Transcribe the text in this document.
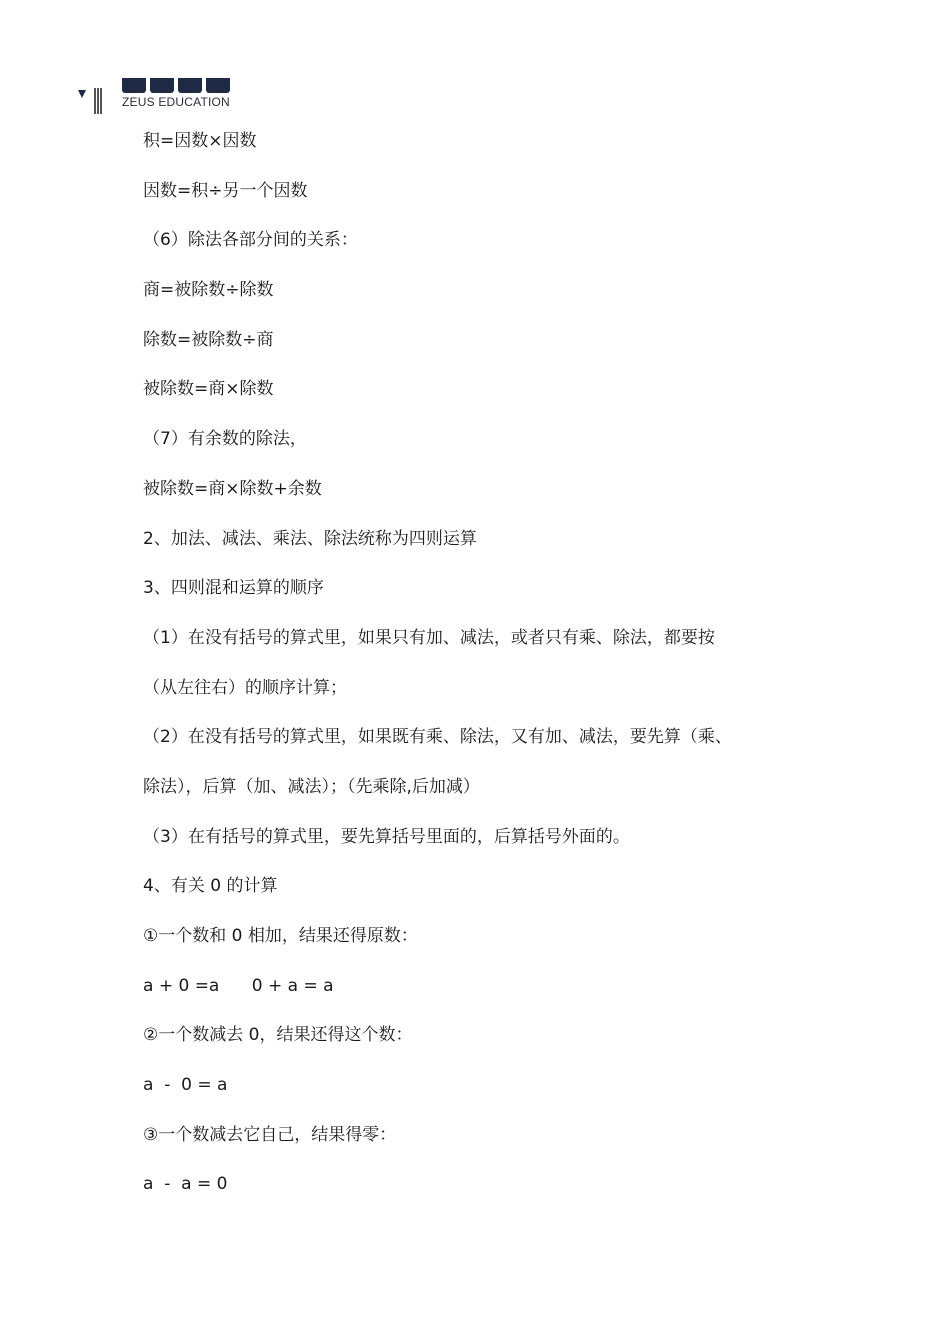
ZEUS EDUCATION
积=因数×因数
因数=积÷另一个因数
（6）除法各部分间的关系：
商=被除数÷除数
除数=被除数÷商
被除数=商×除数
（7）有余数的除法，
被除数=商×除数+余数
2、加法、减法、乘法、除法统称为四则运算
3、四则混和运算的顺序
（1）在没有括号的算式里，如果只有加、减法，或者只有乘、除法，都要按
（从左往右）的顺序计算；
（2）在没有括号的算式里，如果既有乘、除法，又有加、减法，要先算（乘、
除法），后算（加、减法）；（先乘除,后加减）
（3）在有括号的算式里，要先算括号里面的，后算括号外面的。
4、有关 0 的计算
①一个数和 0 相加，结果还得原数：
a + 0 =a      0 + a = a
②一个数减去 0，结果还得这个数：
a  -  0 = a
③一个数减去它自己，结果得零：
a  -  a = 0
